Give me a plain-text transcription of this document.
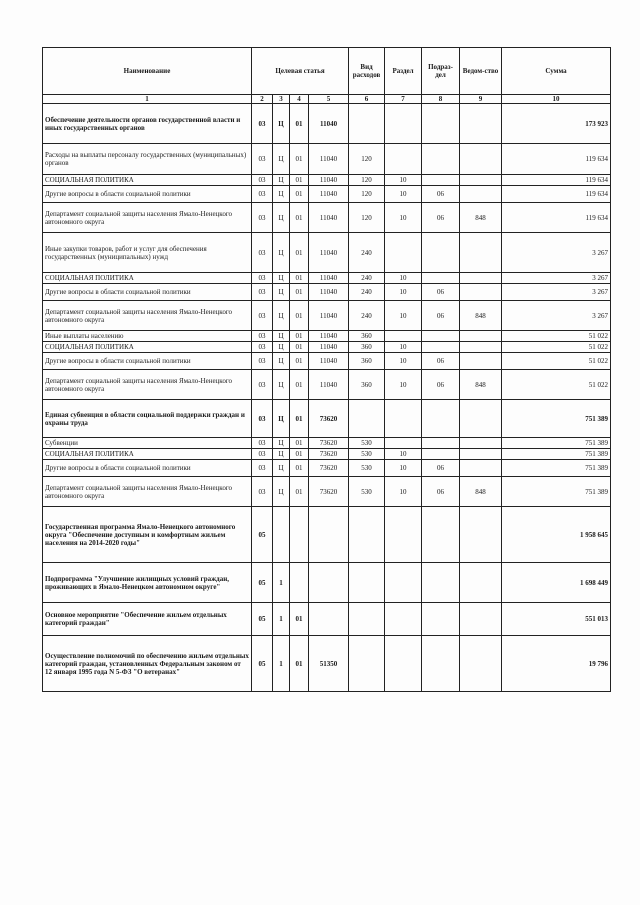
Наименование	Целевая статья				Вид расходов	Раздел	Подраз-дел	Ведом-ство	Сумма
1	2	3	4	5	6	7	8	9	10
Обеспечение деятельности органов государственной власти и иных государственных органов	03	Ц	01	11040					173 923
Расходы на выплаты персоналу государственных (муниципальных) органов	03	Ц	01	11040	120				119 634
СОЦИАЛЬНАЯ ПОЛИТИКА	03	Ц	01	11040	120	10			119 634
Другие вопросы в области социальной политики	03	Ц	01	11040	120	10	06		119 634
Департамент социальной защиты населения Ямало-Ненецкого автономного округа	03	Ц	01	11040	120	10	06	848	119 634
Иные закупки товаров, работ и услуг для обеспечения государственных (муниципальных) нужд	03	Ц	01	11040	240				3 267
СОЦИАЛЬНАЯ ПОЛИТИКА	03	Ц	01	11040	240	10			3 267
Другие вопросы в области социальной политики	03	Ц	01	11040	240	10	06		3 267
Департамент социальной защиты населения Ямало-Ненецкого автономного округа	03	Ц	01	11040	240	10	06	848	3 267
Иные выплаты населению	03	Ц	01	11040	360				51 022
СОЦИАЛЬНАЯ ПОЛИТИКА	03	Ц	01	11040	360	10			51 022
Другие вопросы в области социальной политики	03	Ц	01	11040	360	10	06		51 022
Департамент социальной защиты населения Ямало-Ненецкого автономного округа	03	Ц	01	11040	360	10	06	848	51 022
Единая субвенция в области социальной поддержки граждан и охраны труда	03	Ц	01	73620					751 389
Субвенции	03	Ц	01	73620	530				751 389
СОЦИАЛЬНАЯ ПОЛИТИКА	03	Ц	01	73620	530	10			751 389
Другие вопросы в области социальной политики	03	Ц	01	73620	530	10	06		751 389
Департамент социальной защиты населения Ямало-Ненецкого автономного округа	03	Ц	01	73620	530	10	06	848	751 389
Государственная программа Ямало-Ненецкого автономного округа "Обеспечение доступным и комфортным жильем населения на 2014-2020 годы"	05								1 958 645
Подпрограмма "Улучшение жилищных условий граждан, проживающих в Ямало-Ненецком автономном округе"	05	1							1 698 449
Основное мероприятие "Обеспечение жильем отдельных категорий граждан"	05	1	01						551 013
Осуществление полномочий по обеспечению жильем отдельных категорий граждан, установленных Федеральным законом от 12 января 1995 года N 5-ФЗ "О ветеранах"	05	1	01	51350					19 796
